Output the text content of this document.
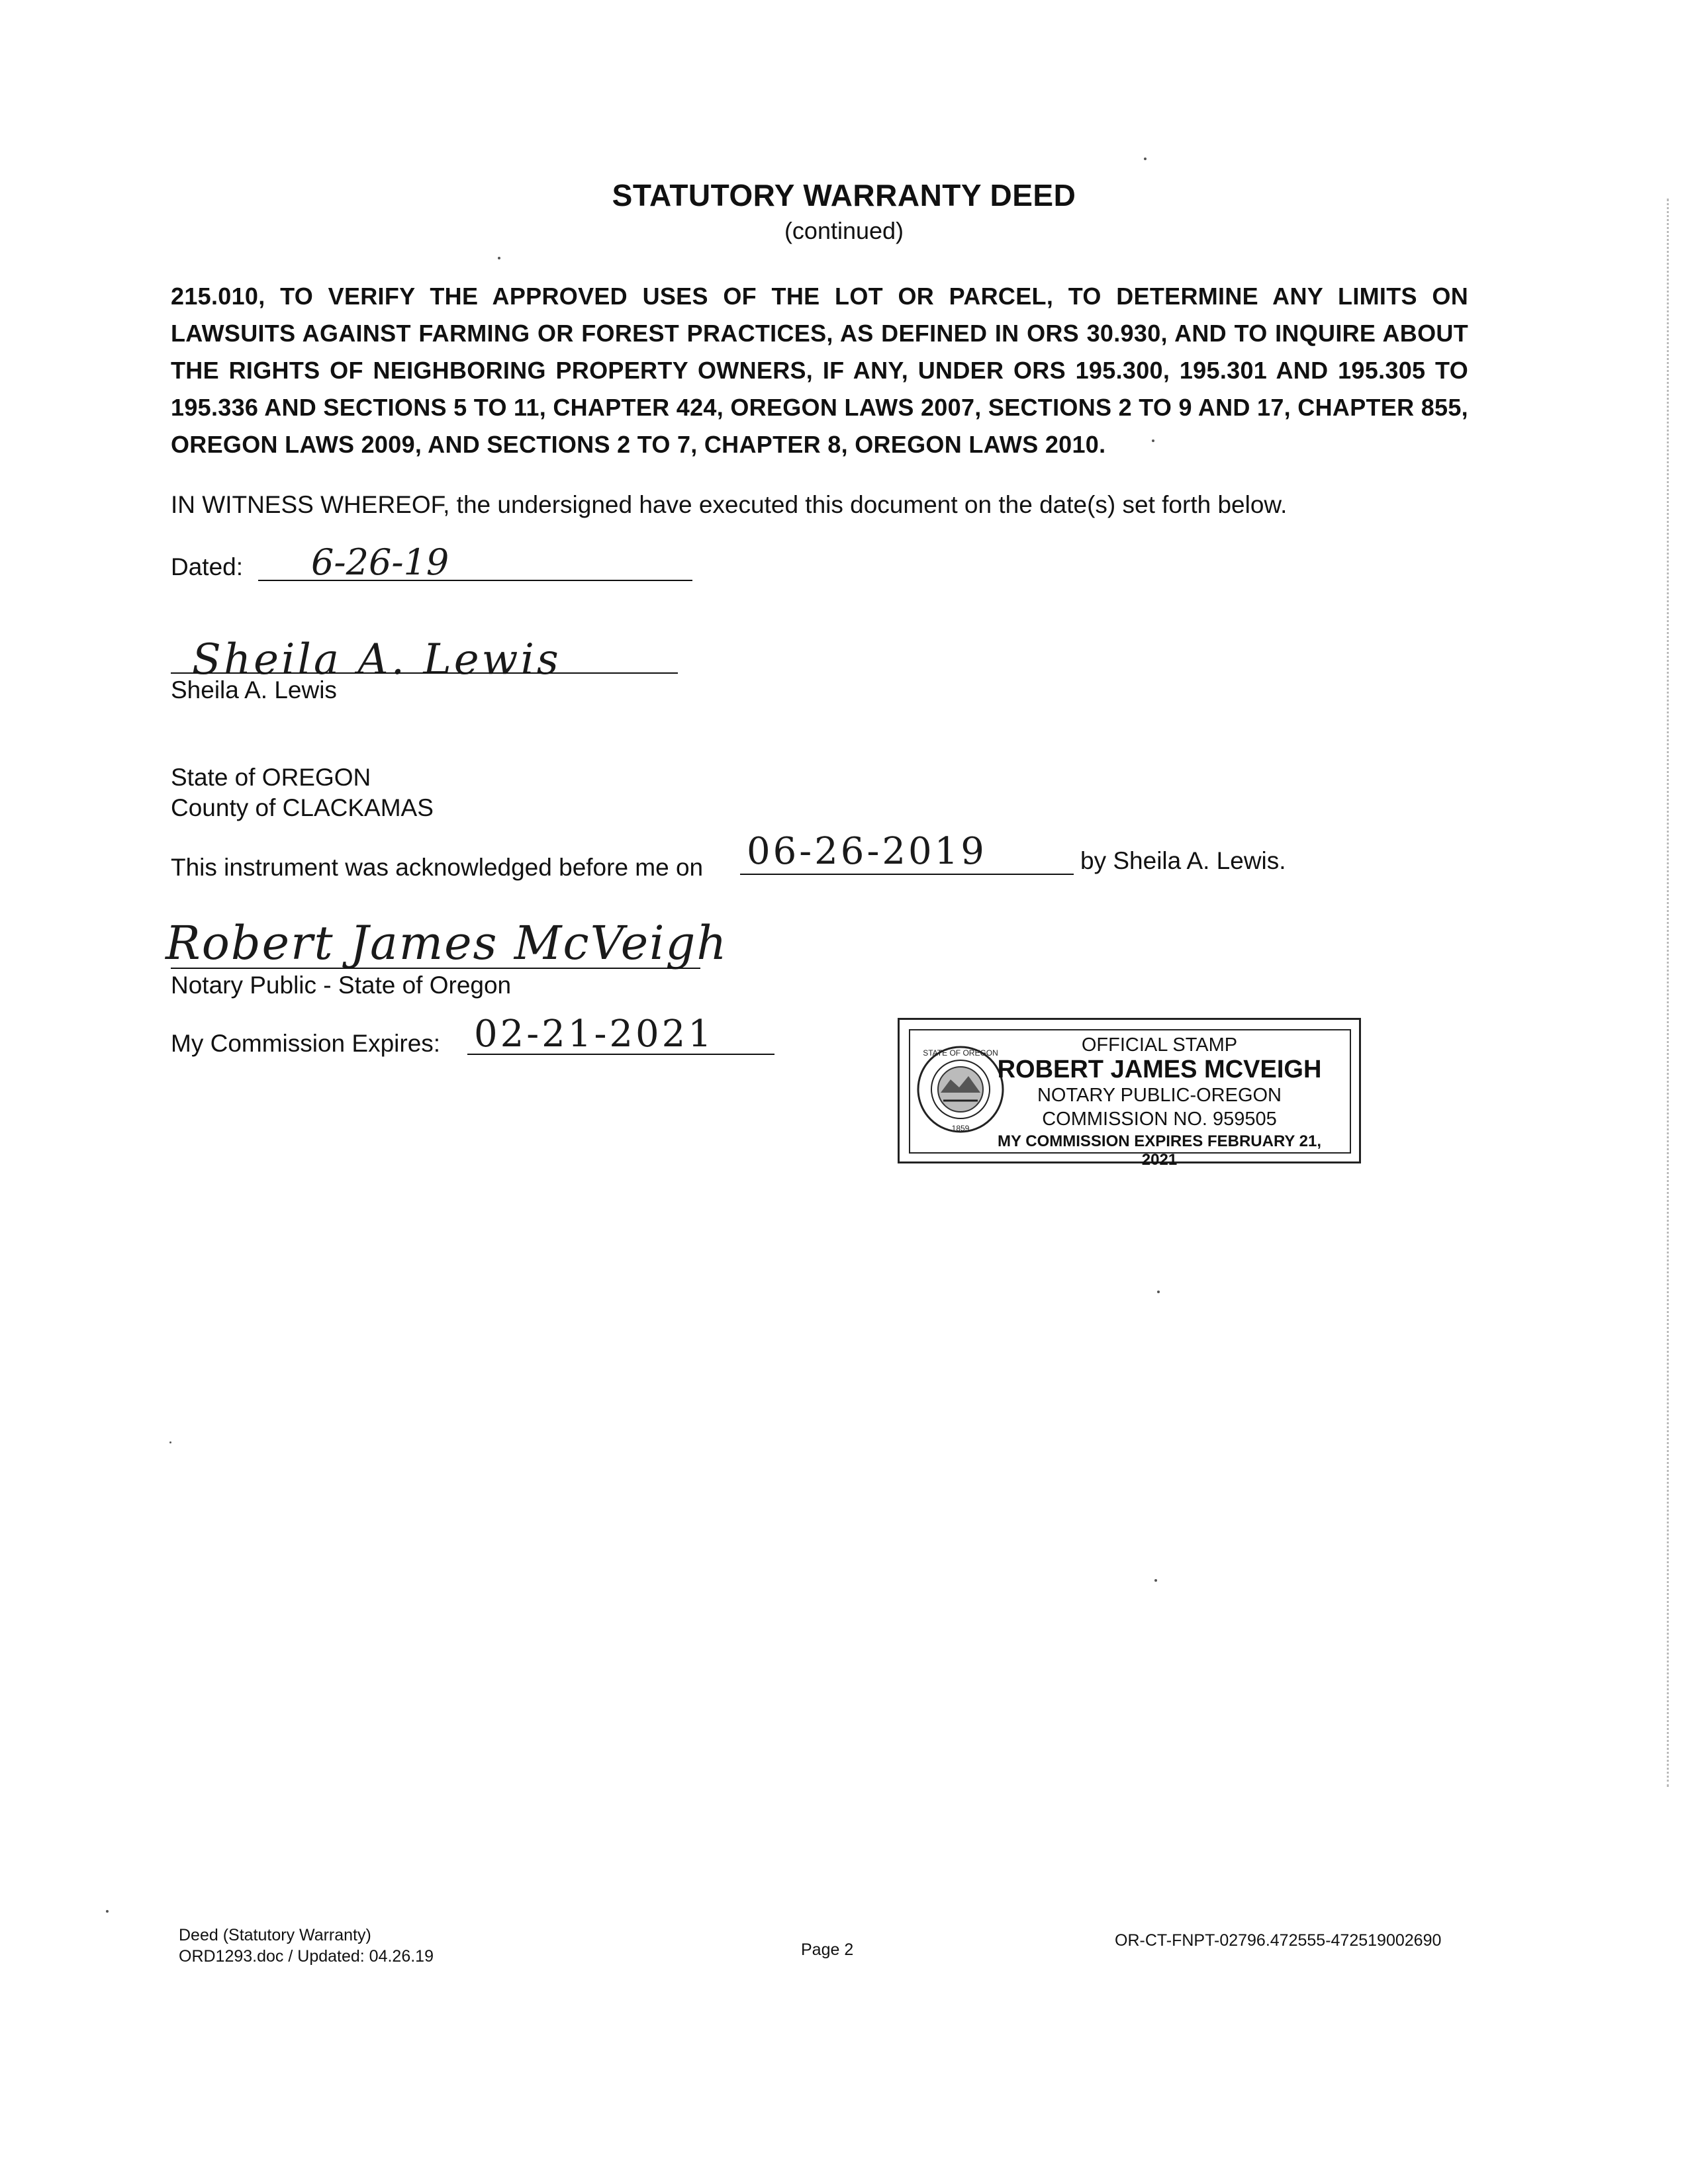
STATUTORY WARRANTY DEED
(continued)
215.010, TO VERIFY THE APPROVED USES OF THE LOT OR PARCEL, TO DETERMINE ANY LIMITS ON LAWSUITS AGAINST FARMING OR FOREST PRACTICES, AS DEFINED IN ORS 30.930, AND TO INQUIRE ABOUT THE RIGHTS OF NEIGHBORING PROPERTY OWNERS, IF ANY, UNDER ORS 195.300, 195.301 AND 195.305 TO 195.336 AND SECTIONS 5 TO 11, CHAPTER 424, OREGON LAWS 2007, SECTIONS 2 TO 9 AND 17, CHAPTER 855, OREGON LAWS 2009, AND SECTIONS 2 TO 7, CHAPTER 8, OREGON LAWS 2010.
IN WITNESS WHEREOF, the undersigned have executed this document on the date(s) set forth below.
Dated: 6-26-19
Sheila A. Lewis
Sheila A. Lewis
State of OREGON
County of CLACKAMAS
This instrument was acknowledged before me on 06-26-2019	by Sheila A. Lewis.
Robert James McVeigh
Notary Public - State of Oregon
My Commission Expires: 02-21-2021	STATE OF OREGON
1859
OFFICIAL STAMP
ROBERT JAMES MCVEIGH
NOTARY PUBLIC-OREGON
COMMISSION NO. 959505
MY COMMISSION EXPIRES FEBRUARY 21, 2021
Deed (Statutory Warranty)
ORD1293.doc / Updated: 04.26.19	Page 2	OR-CT-FNPT-02796.472555-472519002690
